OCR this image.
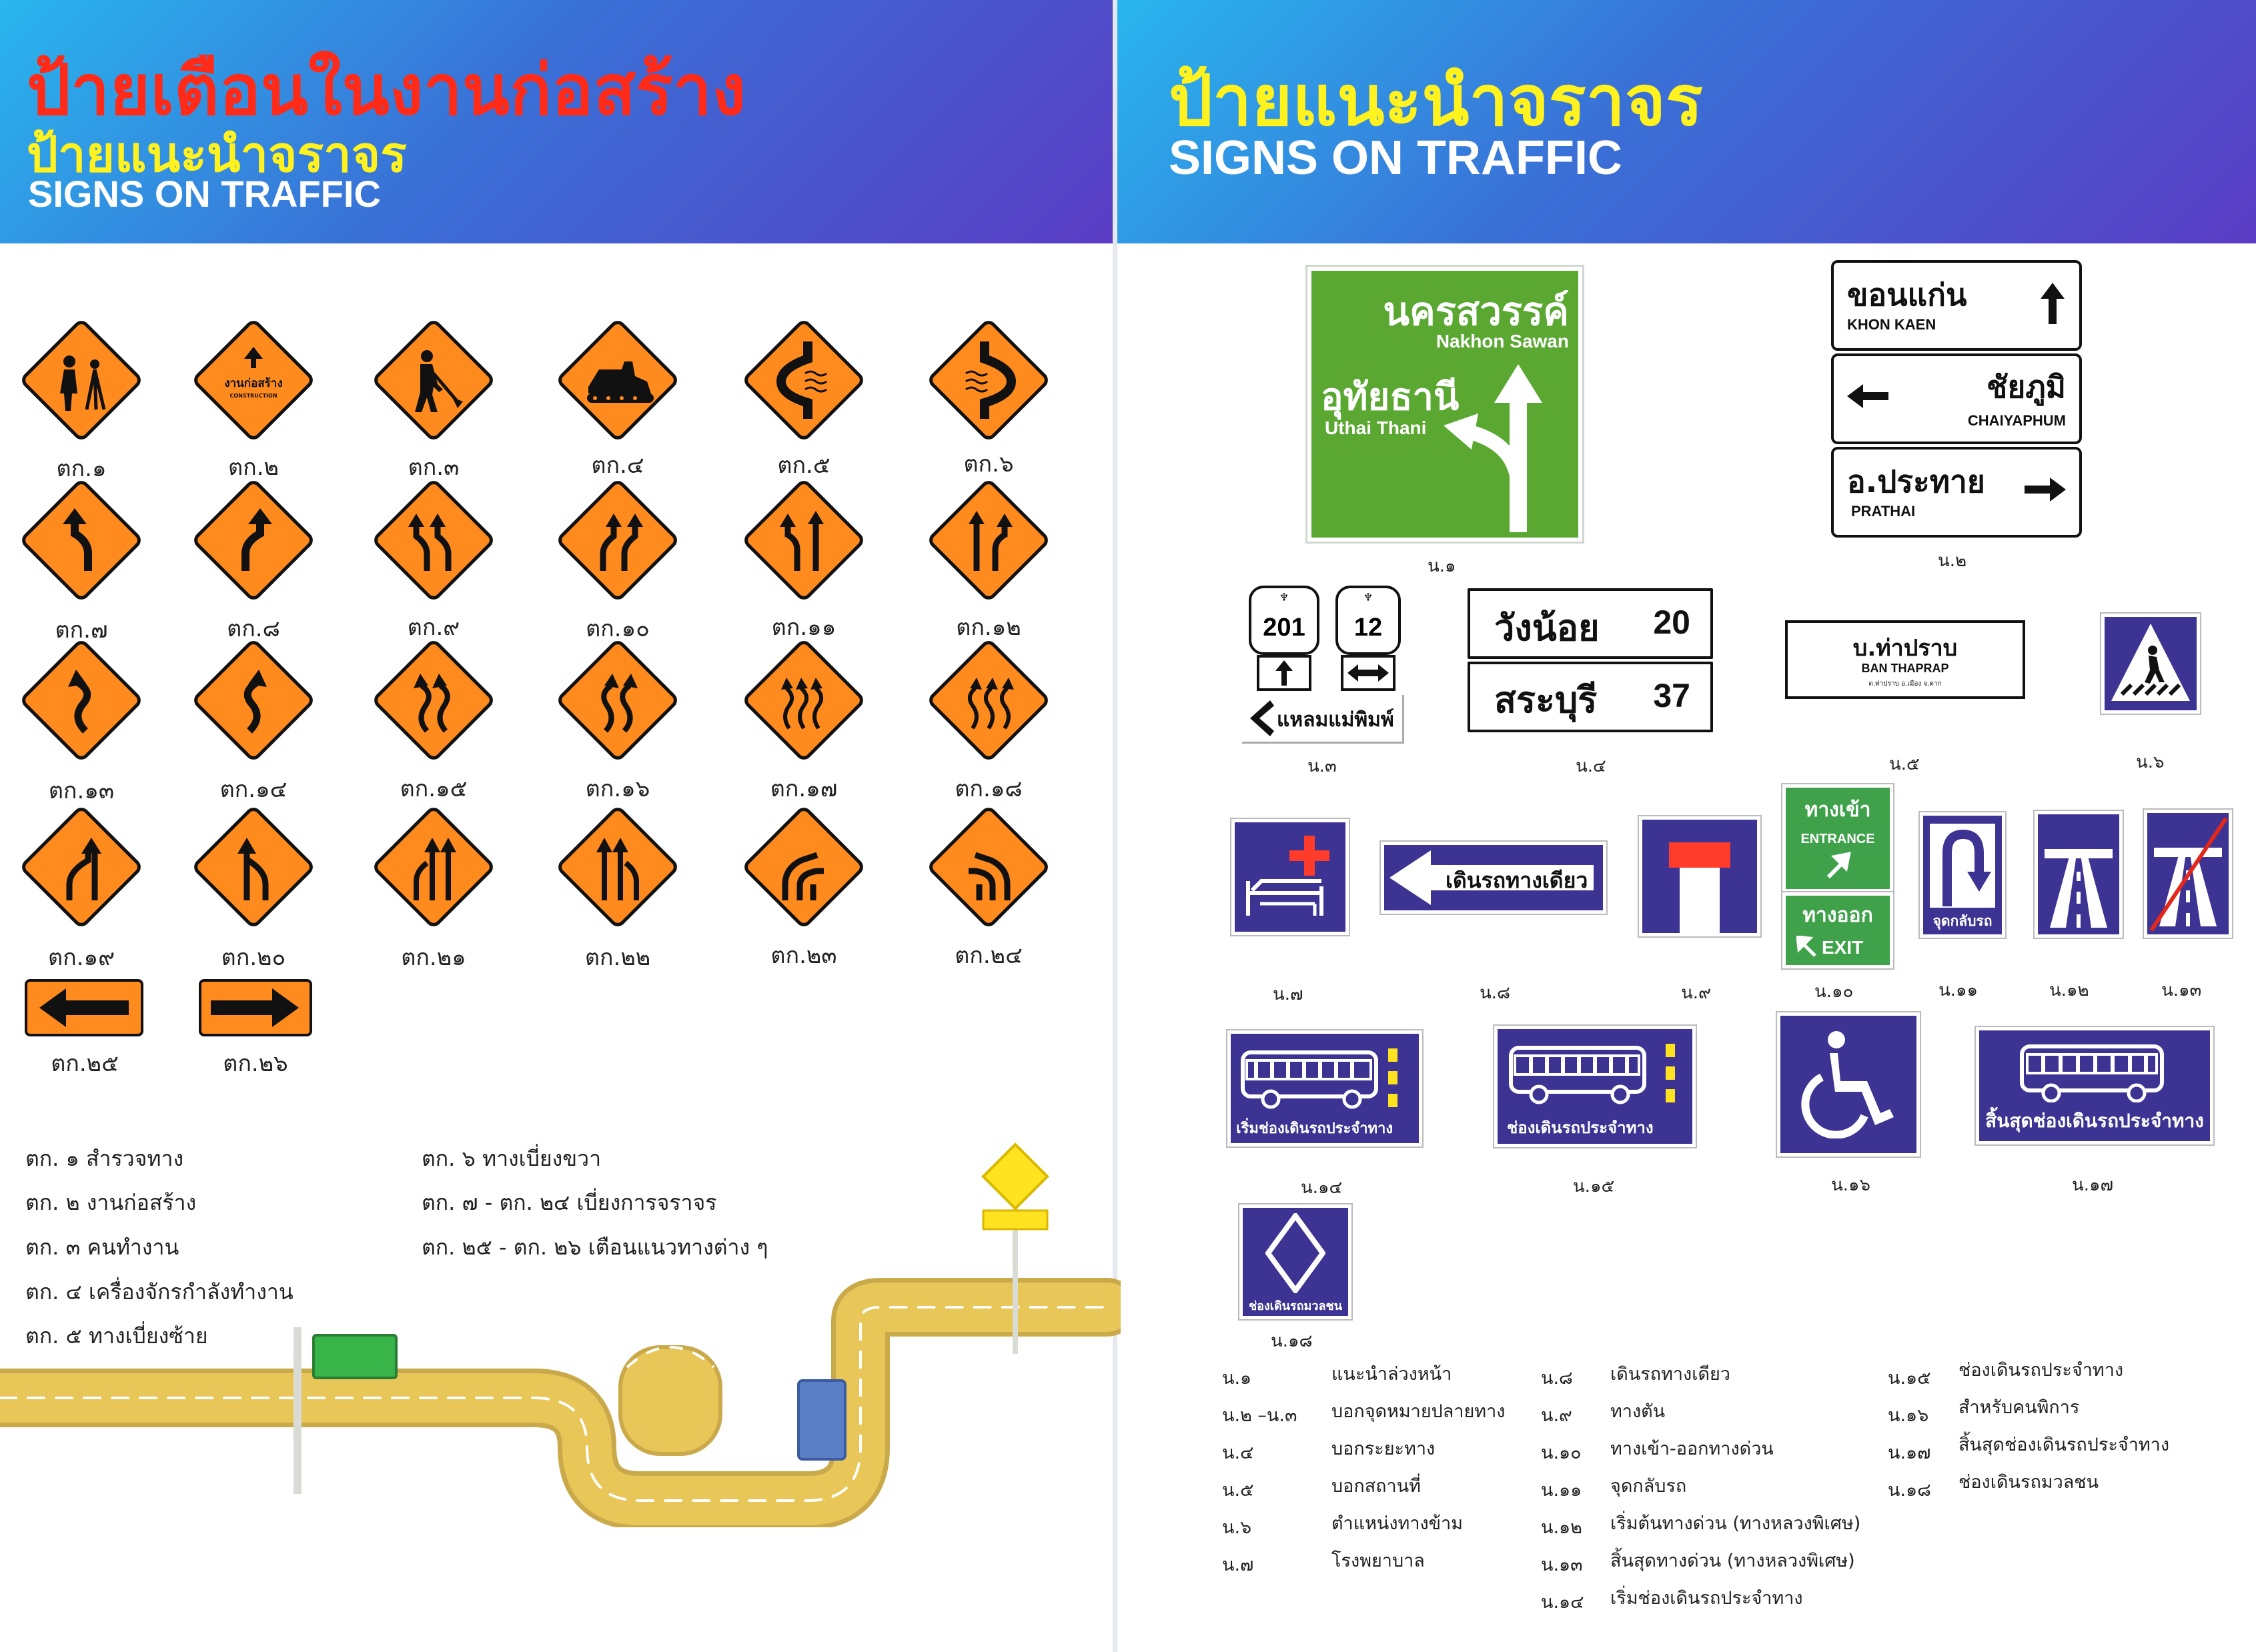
ป้ายเตือนในงานก่อสร้าง
ป้ายแนะนำจราจร
SIGNS ON TRAFFIC
ป้ายแนะนำจราจร
SIGNS ON TRAFFIC
งานก่อสร้าง
CONSTRUCTION
ตก.๑	ตก.๒	ตก.๓	ตก.๔	ตก.๕	ตก.๖
ตก.๗	ตก.๘	ตก.๙	ตก.๑๐	ตก.๑๑	ตก.๑๒
ตก.๑๓	ตก.๑๔	ตก.๑๕	ตก.๑๖	ตก.๑๗	ตก.๑๘
ตก.๑๙	ตก.๒๐	ตก.๒๑	ตก.๒๒	ตก.๒๓	ตก.๒๔
ตก.๒๕	ตก.๒๖
ตก. ๑ สำรวจทาง
ตก. ๒ งานก่อสร้าง
ตก. ๓ คนทำงาน
ตก. ๔ เครื่องจักรกำลังทำงาน
ตก. ๕ ทางเบี่ยงซ้าย
ตก. ๖ ทางเบี่ยงขวา
ตก. ๗ - ตก. ๒๔ เบี่ยงการจราจร
ตก. ๒๕ - ตก. ๒๖ เตือนแนวทางต่าง ๆ
นครสวรรค์
Nakhon Sawan
อุทัยธานี
Uthai Thani
น.๑
ขอนแก่น
KHON KAEN
ชัยภูมิ
CHAIYAPHUM
อ.ประทาย
PRATHAI
น.๒
♆
201
♆
12
แหลมแม่พิมพ์
น.๓
วังน้อย 20
สระบุรี 37
น.๔
บ.ท่าปราบ
BAN THAPRAP
ต.ท่าปราบ อ.เมือง จ.ตาก
น.๕	น.๖
น.๗
เดินรถทางเดียว
น.๘	น.๙
ทางเข้า
ENTRANCE
ทางออก
EXIT
น.๑๐
จุดกลับรถ
น.๑๑	น.๑๒	น.๑๓
เริ่มช่องเดินรถประจำทาง
น.๑๔
ช่องเดินรถประจำทาง
น.๑๕	น.๑๖
สิ้นสุดช่องเดินรถประจำทาง
น.๑๗
ช่องเดินรถมวลชน
น.๑๘
น.๑	แนะนำล่วงหน้า
น.๒ –น.๓ บอกจุดหมายปลายทาง
น.๔	บอกระยะทาง
น.๕	บอกสถานที่
น.๖	ตำแหน่งทางข้าม
น.๗	โรงพยาบาล
น.๘ เดินรถทางเดียว
น.๙ ทางตัน
น.๑๐ ทางเข้า-ออกทางด่วน
น.๑๑ จุดกลับรถ
น.๑๒ เริ่มต้นทางด่วน (ทางหลวงพิเศษ)
น.๑๓ สิ้นสุดทางด่วน (ทางหลวงพิเศษ)
น.๑๔ เริ่มช่องเดินรถประจำทาง
น.๑๕ ช่องเดินรถประจำทาง
น.๑๖ สำหรับคนพิการ
น.๑๗ สิ้นสุดช่องเดินรถประจำทาง
น.๑๘ ช่องเดินรถมวลชน
